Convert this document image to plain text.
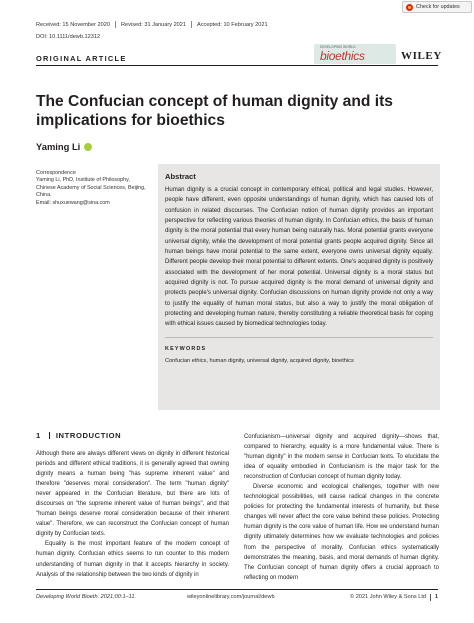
Received: 15 November 2020 Revised: 31 January 2021 Accepted: 10 February 2021
DOI: 10.1111/dewb.12312
Check for updates
ORIGINAL ARTICLE
DEVELOPING WORLD
bioethics	WILEY
The Confucian concept of human dignity and its implications for bioethics
Yaming Li
Correspondence
Yaming Li, PhD, Institute of Philosophy,
Chinese Academy of Social Sciences, Beijing,
China.
Email: shuxuewang@sina.com
Abstract
Human dignity is a crucial concept in contemporary ethical, political and legal studies. However, people have different, even opposite understandings of human dignity, which has caused lots of confusion in related discourses. The Confucian notion of human dignity provides an important perspective for reflecting various theories of human dignity. In Confucian ethics, the basis of human dignity is the moral potential that every human being naturally has. Moral potential grants everyone universal dignity, while the development of moral potential grants people acquired dignity. Since all human beings have moral potential to the same extent, everyone owns universal dignity equally. Different people develop their moral potential to different extents. One's acquired dignity is positively associated with the development of her moral potential. Universal dignity is a moral status but acquired dignity is not. To pursue acquired dignity is the moral demand of universal dignity and protects people's universal dignity. Confucian discussions on human dignity provide not only a way to justify the equality of human moral status, but also a way to justify the moral obligation of protecting and developing human nature, thereby constituting a reliable theoretical basis for coping with ethical issues caused by biomedical technologies today.
KEYWORDS
Confucian ethics, human dignity, universal dignity, acquired dignity, bioethics
1 INTRODUCTION

Although there are always different views on dignity in different historical periods and different ethical traditions, it is generally agreed that owning dignity means a human being "has supreme inherent value" and therefore "deserves moral consideration". The term "human dignity" never appeared in the Confucian literature, but there are lots of discourses on "the supreme inherent value of human beings", and that "human beings deserve moral consideration because of their inherent value". Therefore, we can reconstruct the Confucian concept of human dignity by Confucian texts.

Equality is the most important feature of the modern concept of human dignity. Confucian ethics seems to run counter to this modern understanding of human dignity in that it accepts hierarchy in society. Analysis of the relationship between the two kinds of dignity in

Confucianism—universal dignity and acquired dignity—shows that, compared to hierarchy, equality is a more fundamental value. There is "human dignity" in the modern sense in Confucian texts. To elucidate the idea of equality embodied in Confucianism is the major task for the reconstruction of Confucian concept of human dignity today.

Diverse economic and ecological challenges, together with new technological possibilities, will cause radical changes in the concrete policies for protecting the fundamental interests of humanity, but these changes will never affect the core value behind these policies. Protecting human dignity is the core value of human life. How we understand human dignity ultimately determines how we evaluate technologies and policies from the perspective of morality. Confucian ethics systematically demonstrates the meaning, basis, and moral demands of human dignity. The Confucian concept of human dignity offers a crucial approach to reflecting on modern

Developing World Bioeth. 2021;00:1–11.	wileyonlinelibrary.com/journal/dewb	© 2021 John Wiley & Sons Ltd 1
